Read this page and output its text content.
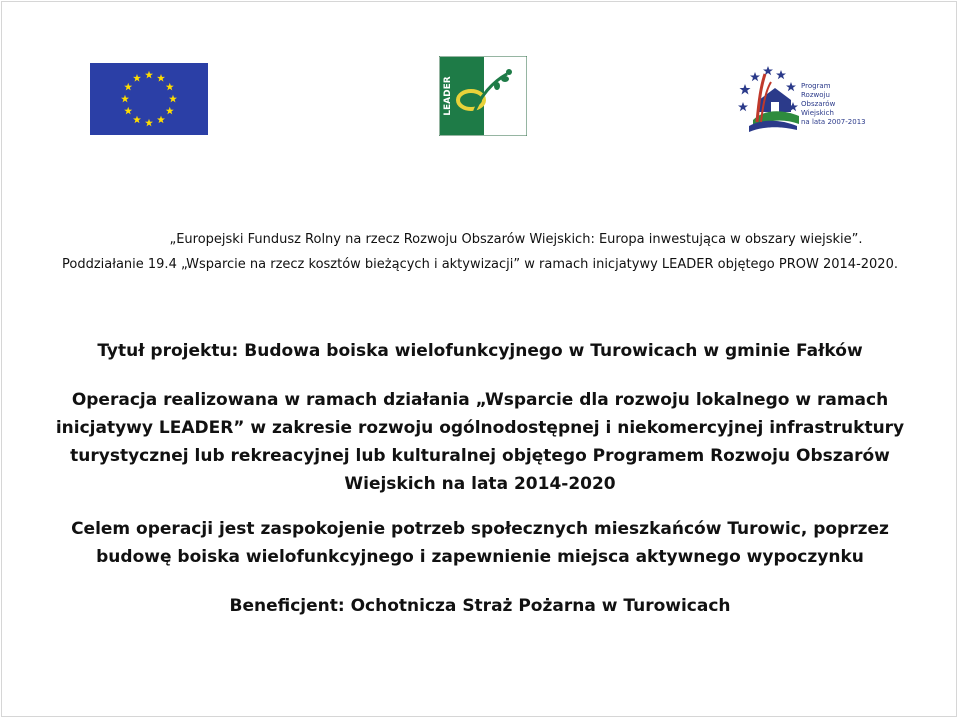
LEADER	Program
Rozwoju
Obszarów
Wiejskich
na lata 2007-2013
„Europejski Fundusz Rolny na rzecz Rozwoju Obszarów Wiejskich: Europa inwestująca w obszary wiejskie”.
Poddziałanie 19.4 „Wsparcie na rzecz kosztów bieżących i aktywizacji” w ramach inicjatywy LEADER objętego PROW 2014-2020.
Tytuł projektu: Budowa boiska wielofunkcyjnego w Turowicach w gminie Fałków
Operacja realizowana w ramach działania „Wsparcie dla rozwoju lokalnego w ramach
inicjatywy LEADER” w zakresie rozwoju ogólnodostępnej i niekomercyjnej infrastruktury
turystycznej lub rekreacyjnej lub kulturalnej objętego Programem Rozwoju Obszarów
Wiejskich na lata 2014-2020
Celem operacji jest zaspokojenie potrzeb społecznych mieszkańców Turowic, poprzez
budowę boiska wielofunkcyjnego i zapewnienie miejsca aktywnego wypoczynku
Beneficjent: Ochotnicza Straż Pożarna w Turowicach
